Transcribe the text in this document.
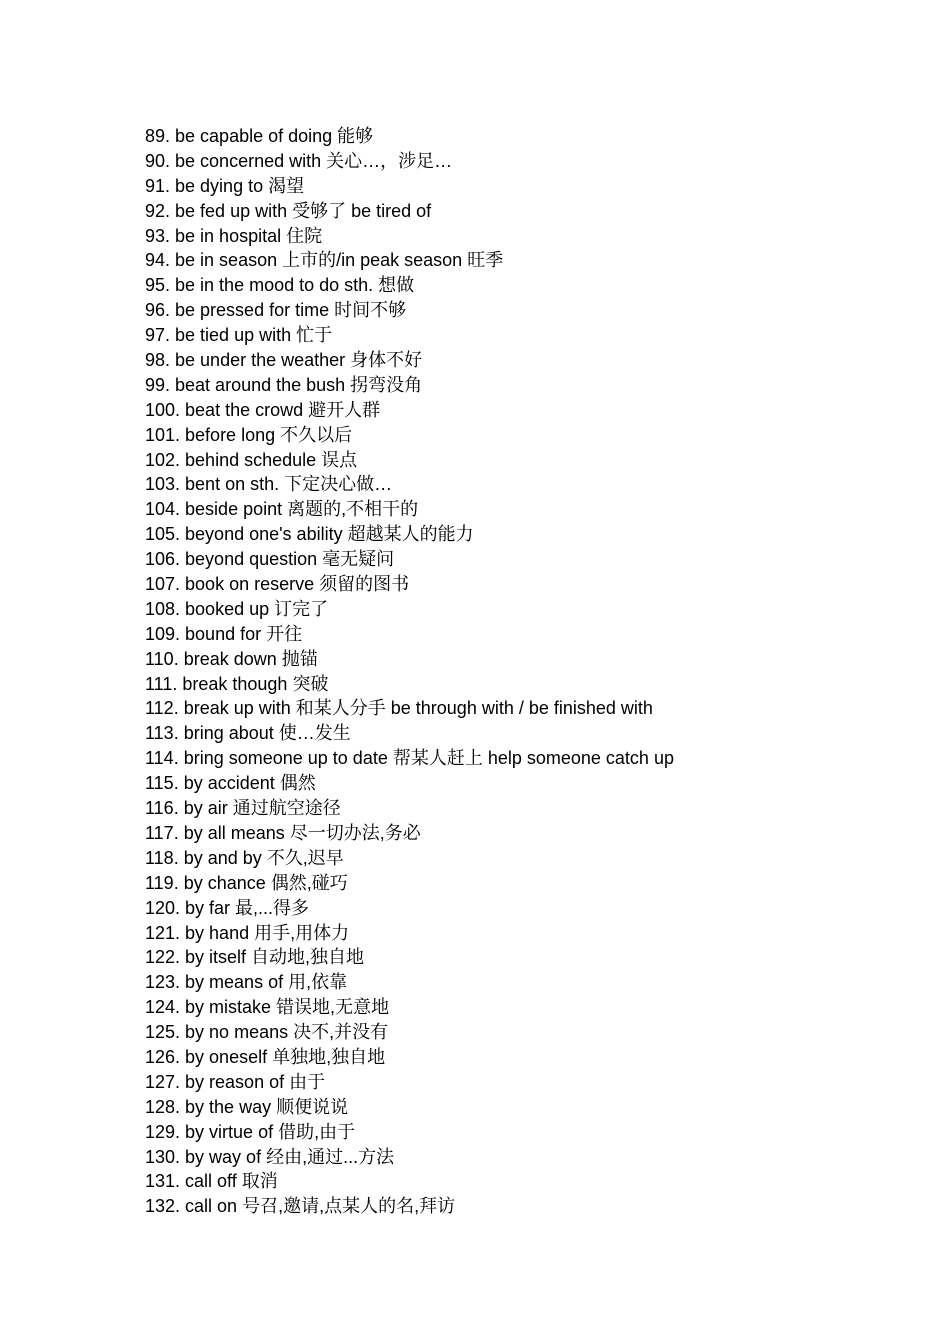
89. be capable of doing 能够
90. be concerned with 关心…，涉足…
91. be dying to 渴望
92. be fed up with 受够了 be tired of
93. be in hospital 住院
94. be in season 上市的/in peak season 旺季
95. be in the mood to do sth. 想做
96. be pressed for time 时间不够
97. be tied up with 忙于
98. be under the weather 身体不好
99. beat around the bush 拐弯没角
100. beat the crowd 避开人群
101. before long 不久以后
102. behind schedule 误点
103. bent on sth. 下定决心做…
104. beside point 离题的,不相干的
105. beyond one's ability 超越某人的能力
106. beyond question 毫无疑问
107. book on reserve 须留的图书
108. booked up 订完了
109. bound for 开往
110. break down 抛锚
111. break though 突破
112. break up with 和某人分手 be through with / be finished with
113. bring about 使…发生
114. bring someone up to date 帮某人赶上 help someone catch up
115. by accident 偶然
116. by air 通过航空途径
117. by all means 尽一切办法,务必
118. by and by 不久,迟早
119. by chance 偶然,碰巧
120. by far 最,...得多
121. by hand 用手,用体力
122. by itself 自动地,独自地
123. by means of 用,依靠
124. by mistake 错误地,无意地
125. by no means 决不,并没有
126. by oneself 单独地,独自地
127. by reason of 由于
128. by the way 顺便说说
129. by virtue of 借助,由于
130. by way of 经由,通过...方法
131. call off 取消
132. call on 号召,邀请,点某人的名,拜访
